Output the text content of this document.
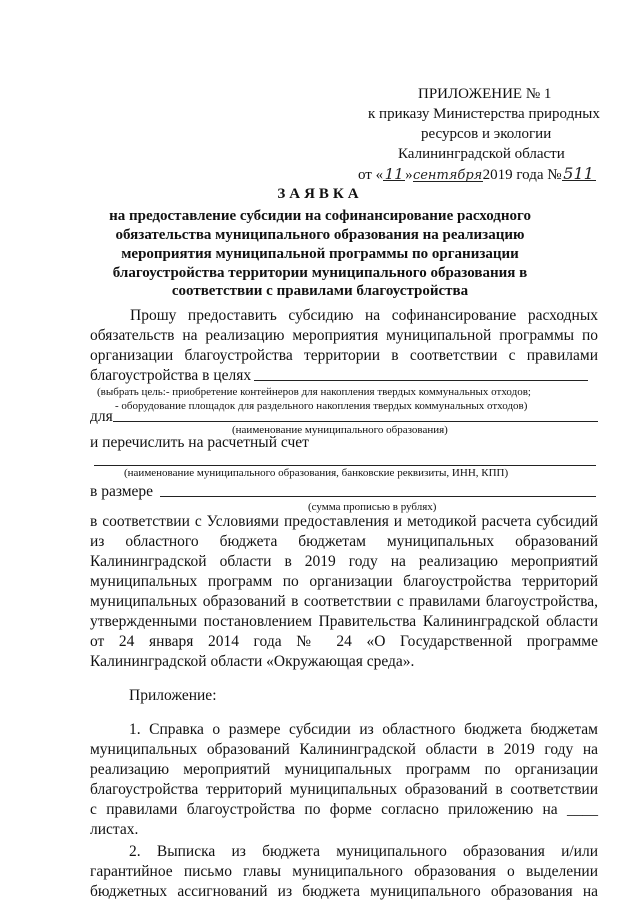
ПРИЛОЖЕНИЕ № 1
к приказу Министерства природных
ресурсов и экологии
Калининградской области
от «11»сентября2019 года № 511
ЗАЯВКА
на предоставление субсидии на софинансирование расходного
обязательства муниципального образования на реализацию
мероприятия муниципальной программы по организации
благоустройства территории муниципального образования в
соответствии с правилами благоустройства
Прошу предоставить субсидию на софинансирование расходных
обязательств на реализацию мероприятия муниципальной программы по
организации благоустройства территории в соответствии с правилами
благоустройства в целях
(выбрать цель:- приобретение контейнеров для накопления твердых коммунальных отходов;
- оборудование площадок для раздельного накопления твердых коммунальных отходов)
для
(наименование муниципального образования)
и перечислить на расчетный счет
(наименование муниципального образования, банковские реквизиты, ИНН, КПП)
в размере
(сумма прописью в рублях)
в соответствии с Условиями предоставления и методикой расчета субсидий
из областного бюджета бюджетам муниципальных образований
Калининградской области в 2019 году на реализацию мероприятий
муниципальных программ по организации благоустройства территорий
муниципальных образований в соответствии с правилами благоустройства,
утвержденными постановлением Правительства Калининградской области
от 24 января 2014 года № 24 «О Государственной программе
Калининградской области «Окружающая среда».
Приложение:
1. Справка о размере субсидии из областного бюджета бюджетам
муниципальных образований Калининградской области в 2019 году на
реализацию мероприятий муниципальных программ по организации
благоустройства территорий муниципальных образований в соответствии
с правилами благоустройства по форме согласно приложению на ____
листах.
2. Выписка из бюджета муниципального образования и/или
гарантийное письмо главы муниципального образования о выделении
бюджетных ассигнований из бюджета муниципального образования на
